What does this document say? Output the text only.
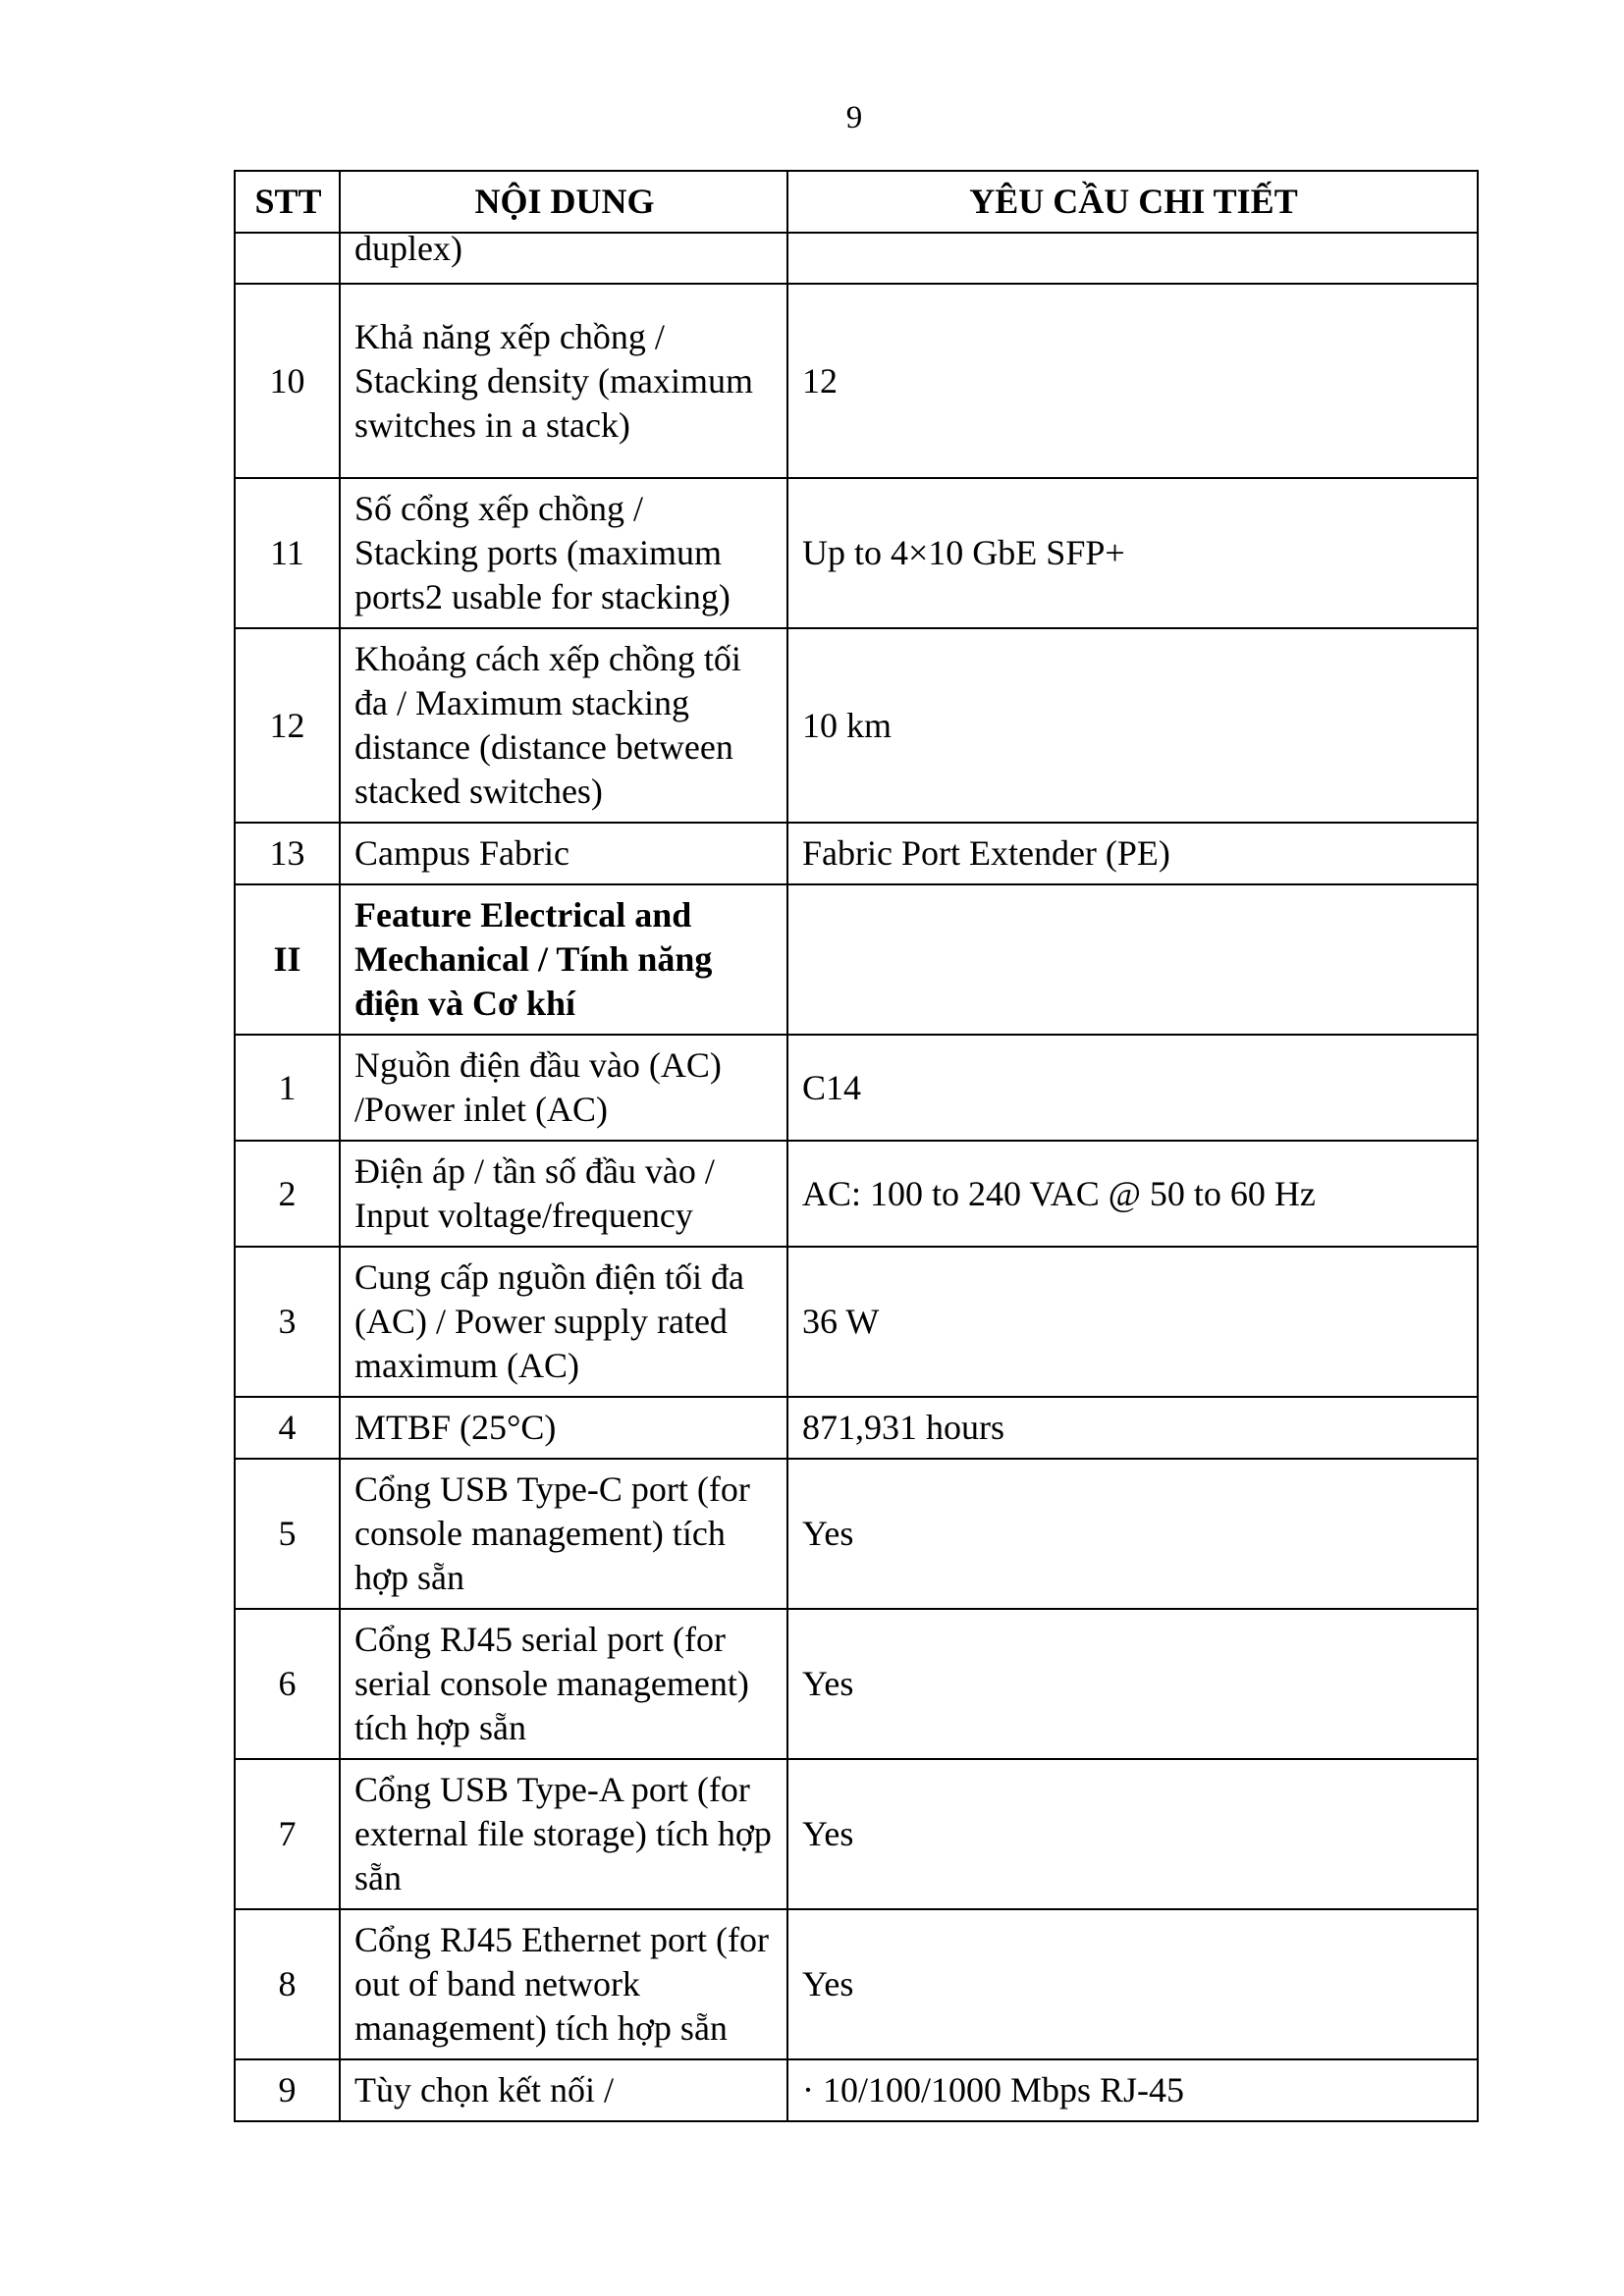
9
STT	NỘI DUNG	YÊU CẦU CHI TIẾT
	duplex)	
10	Khả năng xếp chồng / Stacking density (maximum switches in a stack)	12
11	Số cổng xếp chồng / Stacking ports (maximum ports2 usable for stacking)	Up to 4×10 GbE SFP+
12	Khoảng cách xếp chồng tối đa / Maximum stacking distance (distance between stacked switches)	10 km
13	Campus Fabric	Fabric Port Extender (PE)
II	Feature Electrical and Mechanical / Tính năng điện và Cơ khí	
1	Nguồn điện đầu vào (AC) /Power inlet (AC)	C14
2	Điện áp / tần số đầu vào / Input voltage/frequency	AC: 100 to 240 VAC @ 50 to 60 Hz
3	Cung cấp nguồn điện tối đa (AC) / Power supply rated maximum (AC)	36 W
4	MTBF (25°C)	871,931 hours
5	Cổng USB Type-C port (for console management) tích hợp sẵn	Yes
6	Cổng RJ45 serial port (for serial console management) tích hợp sẵn	Yes
7	Cổng USB Type-A port (for external file storage) tích hợp sẵn	Yes
8	Cổng RJ45 Ethernet port (for out of band network management) tích hợp sẵn	Yes
9	Tùy chọn kết nối /	· 10/100/1000 Mbps RJ-45
